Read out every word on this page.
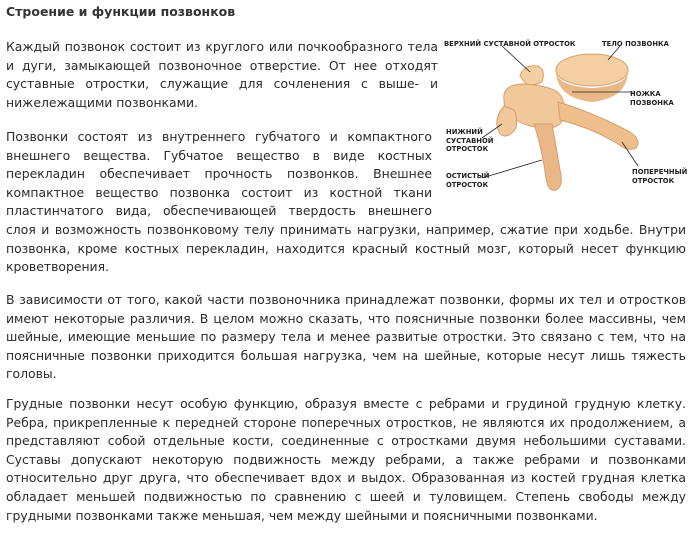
Строение и функции позвонков

Каждый позвонок состоит из круглого или почкообразного тела и дуги, замыкающей позвоночное отверстие. От нее отходят суставные отростки, служащие для сочленения с выше- и нижележащими позвонками.

Позвонки состоят из внутреннего губчатого и компактного внешнего вещества. Губчатое вещество в виде костных перекладин обеспечивает прочность позвонков. Внешнее компактное вещество позвонка состоит из костной ткани пластинчатого вида, обеспечивающей твердость внешнего слоя и возможность позвонковому телу принимать нагрузки, например, сжатие при ходьбе. Внутри позвонка, кроме костных перекладин, находится красный костный мозг, который несет функцию кроветворения.

В зависимости от того, какой части позвоночника принадлежат позвонки, формы их тел и отростков имеют некоторые различия. В целом можно сказать, что поясничные позвонки более массивны, чем шейные, имеющие меньшие по размеру тела и менее развитые отростки. Это связано с тем, что на поясничные позвонки приходится большая нагрузка, чем на шейные, которые несут лишь тяжесть головы.

Грудные позвонки несут особую функцию, образуя вместе с ребрами и грудиной грудную клетку. Ребра, прикрепленные к передней стороне поперечных отростков, не являются их продолжением, а представляют собой отдельные кости, соединенные с отростками двумя небольшими суставами. Суставы допускают некоторую подвижность между ребрами, а также ребрами и позвонками относительно друг друга, что обеспечивает вдох и выдох. Образованная из костей грудная клетка обладает меньшей подвижностью по сравнению с шеей и туловищем. Степень свободы между грудными позвонками также меньшая, чем между шейными и поясничными позвонками.

ВЕРХНИЙ СУСТАВНОЙ ОТРОСТОК	ТЕЛО ПОЗВОНКА
НОЖКА
ПОЗВОНКА
НИЖНИЙ
СУСТАВНОЙ
ОТРОСТОК
ОСТИСТЫЙ
ОТРОСТОК
ПОПЕРЕЧНЫЙ
ОТРОСТОК
